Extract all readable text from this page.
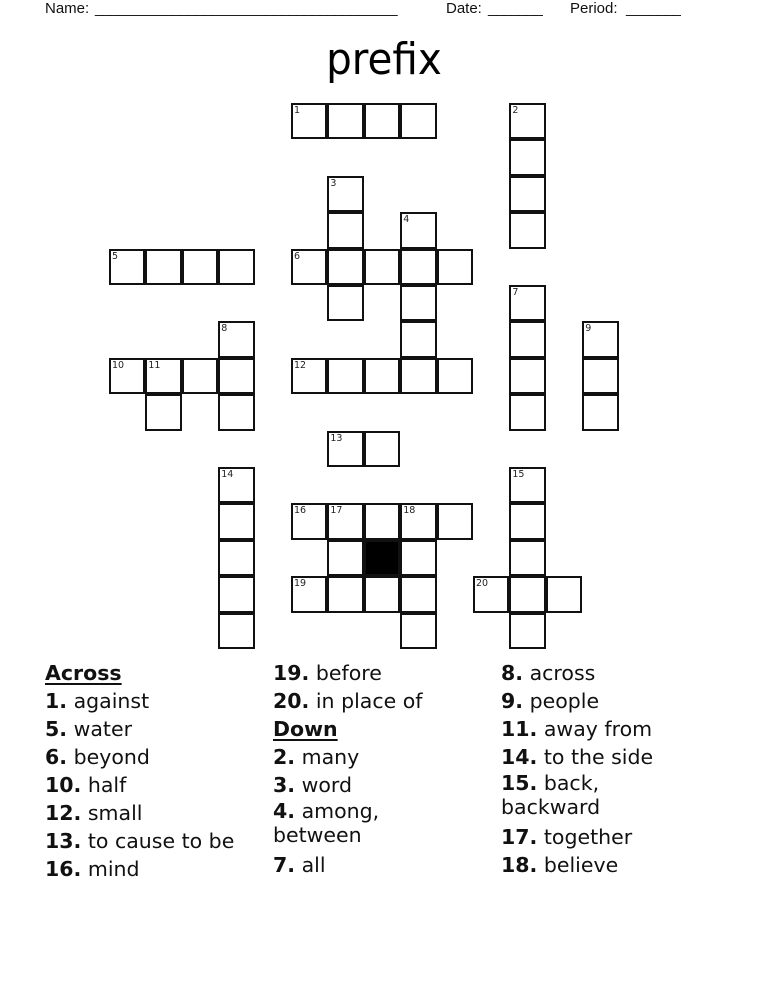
Name: _______________________________________	Date: _______ Period: _______
prefix
1	2
3
4
5	6
7
8	9
10	11	12
13
14	15
16	17	18
19	20
Across
1. against
5. water
6. beyond
10. half
12. small
13. to cause to be
16. mind
19. before
20. in place of
Down
2. many
3. word
4. among, between
7. all
8. across
9. people
11. away from
14. to the side
15. back, backward
17. together
18. believe
